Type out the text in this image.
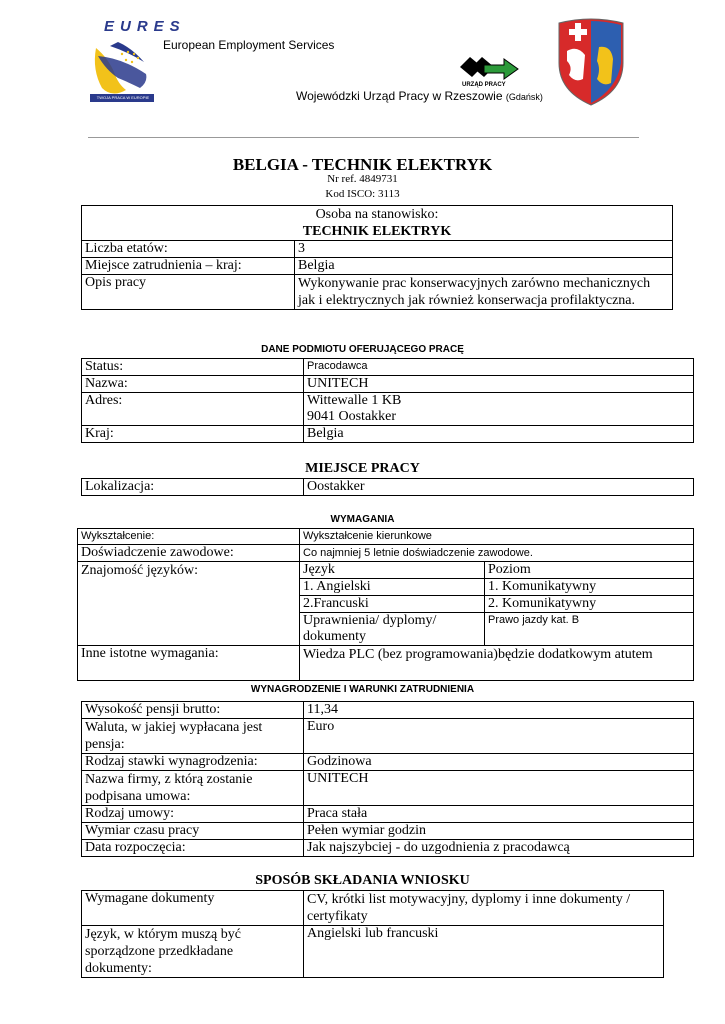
EURES
TWOJA PRACA W EUROPIE
European Employment Services
URZĄD PRACY
Wojewódzki Urząd Pracy w Rzeszowie (Gdańsk)
BELGIA - TECHNIK ELEKTRYK
Nr ref. 4849731
Kod ISCO: 3113
Osoba na stanowisko:
TECHNIK ELEKTRYK	

Liczba etatów:	3
Miejsce zatrudnienia – kraj:	Belgia
Opis pracy	Wykonywanie prac konserwacyjnych zarówno mechanicznych jak i elektrycznych jak również konserwacja profilaktyczna.
DANE PODMIOTU OFERUJĄCEGO PRACĘ
Status:	Pracodawca
Nazwa:	UNITECH
Adres:	Wittewalle 1 KB
9041 Oostakker

Kraj:	Belgia
MIEJSCE PRACY
Lokalizacja:	Oostakker
WYMAGANIA
Wykształcenie:	Wykształcenie kierunkowe	
Doświadczenie zawodowe:	Co najmniej 5 letnie doświadczenie zawodowe.	
Znajomość języków:	Język	Poziom
	1. Angielski	1. Komunikatywny
	2.Francuski	2. Komunikatywny
	Uprawnienia/ dyplomy/ dokumenty	Prawo jazdy kat. B
Inne istotne wymagania:	Wiedza PLC (bez programowania)będzie dodatkowym atutem	
WYNAGRODZENIE I WARUNKI ZATRUDNIENIA
Wysokość pensji brutto:	11,34
Waluta, w jakiej wypłacana jest pensja:	Euro
Rodzaj stawki wynagrodzenia:	Godzinowa
Nazwa firmy, z którą zostanie podpisana umowa:	UNITECH
Rodzaj umowy:	Praca stała
Wymiar czasu pracy	Pełen wymiar godzin
Data rozpoczęcia:	Jak najszybciej - do uzgodnienia z pracodawcą
SPOSÓB SKŁADANIA WNIOSKU
Wymagane dokumenty	CV, krótki list motywacyjny, dyplomy i inne dokumenty / certyfikaty
Język, w którym muszą być sporządzone przedkładane dokumenty:	Angielski lub francuski
